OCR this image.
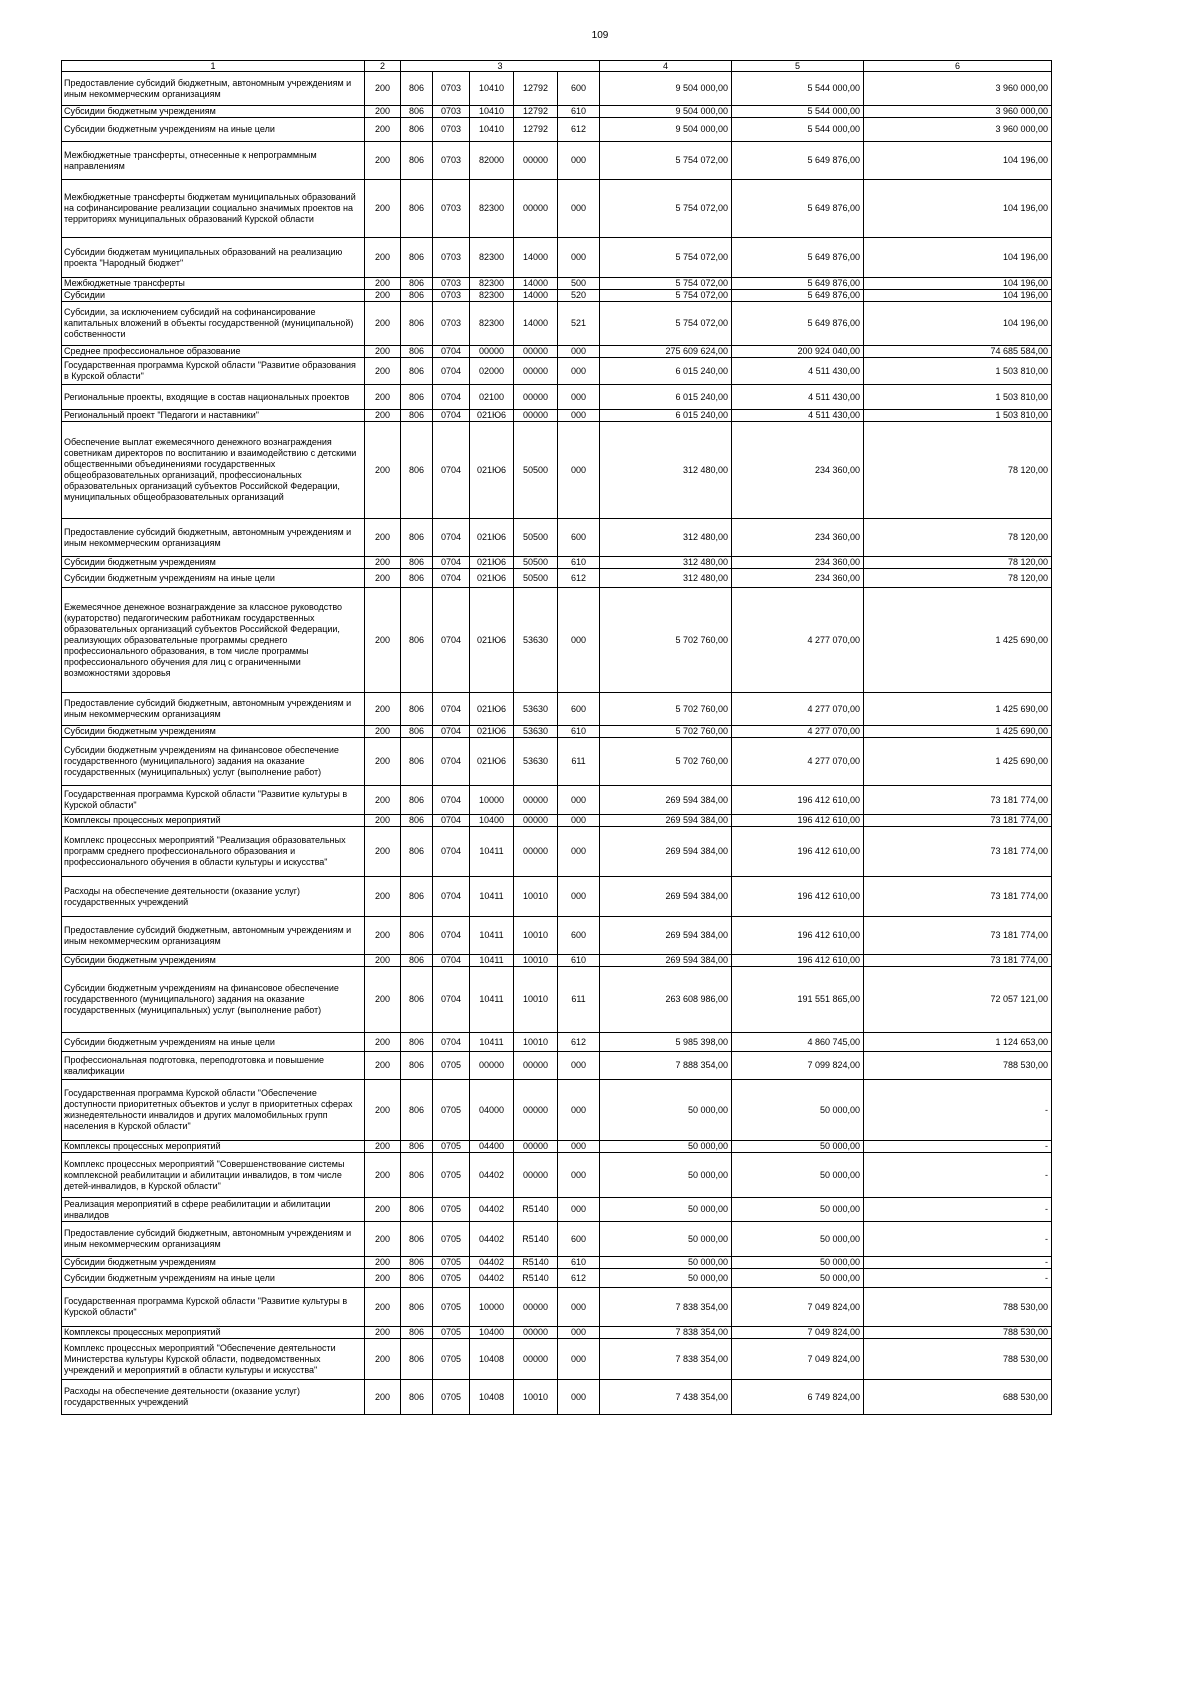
109
1	2	3					4	5	6
Предоставление субсидий бюджетным, автономным учреждениям и иным некоммерческим организациям	200	806	0703	10410	12792	600	9 504 000,00	5 544 000,00	3 960 000,00
Субсидии бюджетным учреждениям	200	806	0703	10410	12792	610	9 504 000,00	5 544 000,00	3 960 000,00
Субсидии бюджетным учреждениям на иные цели	200	806	0703	10410	12792	612	9 504 000,00	5 544 000,00	3 960 000,00
Межбюджетные трансферты, отнесенные к непрограммным направлениям	200	806	0703	82000	00000	000	5 754 072,00	5 649 876,00	104 196,00
Межбюджетные трансферты бюджетам муниципальных образований на софинансирование реализации социально значимых проектов на территориях муниципальных образований Курской области	200	806	0703	82300	00000	000	5 754 072,00	5 649 876,00	104 196,00
Субсидии бюджетам муниципальных образований на реализацию проекта "Народный бюджет"	200	806	0703	82300	14000	000	5 754 072,00	5 649 876,00	104 196,00
Межбюджетные трансферты	200	806	0703	82300	14000	500	5 754 072,00	5 649 876,00	104 196,00
Субсидии	200	806	0703	82300	14000	520	5 754 072,00	5 649 876,00	104 196,00
Субсидии, за исключением субсидий на софинансирование капитальных вложений в объекты государственной (муниципальной) собственности	200	806	0703	82300	14000	521	5 754 072,00	5 649 876,00	104 196,00
Среднее профессиональное образование	200	806	0704	00000	00000	000	275 609 624,00	200 924 040,00	74 685 584,00
Государственная программа Курской области "Развитие образования в Курской области"	200	806	0704	02000	00000	000	6 015 240,00	4 511 430,00	1 503 810,00
Региональные проекты, входящие в состав национальных проектов	200	806	0704	02100	00000	000	6 015 240,00	4 511 430,00	1 503 810,00
Региональный проект "Педагоги и наставники"	200	806	0704	021Ю6	00000	000	6 015 240,00	4 511 430,00	1 503 810,00
Обеспечение выплат ежемесячного денежного вознаграждения советникам директоров по воспитанию и взаимодействию с детскими общественными объединениями государственных общеобразовательных организаций, профессиональных образовательных организаций субъектов Российской Федерации, муниципальных общеобразовательных организаций	200	806	0704	021Ю6	50500	000	312 480,00	234 360,00	78 120,00
Предоставление субсидий бюджетным, автономным учреждениям и иным некоммерческим организациям	200	806	0704	021Ю6	50500	600	312 480,00	234 360,00	78 120,00
Субсидии бюджетным учреждениям	200	806	0704	021Ю6	50500	610	312 480,00	234 360,00	78 120,00
Субсидии бюджетным учреждениям на иные цели	200	806	0704	021Ю6	50500	612	312 480,00	234 360,00	78 120,00
Ежемесячное денежное вознаграждение за классное руководство (кураторство) педагогическим работникам государственных образовательных организаций субъектов Российской Федерации, реализующих образовательные программы среднего профессионального образования, в том числе программы профессионального обучения для лиц с ограниченными возможностями здоровья	200	806	0704	021Ю6	53630	000	5 702 760,00	4 277 070,00	1 425 690,00
Предоставление субсидий бюджетным, автономным учреждениям и иным некоммерческим организациям	200	806	0704	021Ю6	53630	600	5 702 760,00	4 277 070,00	1 425 690,00
Субсидии бюджетным учреждениям	200	806	0704	021Ю6	53630	610	5 702 760,00	4 277 070,00	1 425 690,00
Субсидии бюджетным учреждениям на финансовое обеспечение государственного (муниципального) задания на оказание государственных (муниципальных) услуг (выполнение работ)	200	806	0704	021Ю6	53630	611	5 702 760,00	4 277 070,00	1 425 690,00
Государственная программа Курской области "Развитие культуры в Курской области"	200	806	0704	10000	00000	000	269 594 384,00	196 412 610,00	73 181 774,00
Комплексы процессных мероприятий	200	806	0704	10400	00000	000	269 594 384,00	196 412 610,00	73 181 774,00
Комплекс процессных мероприятий "Реализация образовательных программ среднего профессионального образования и профессионального обучения в области культуры и искусства"	200	806	0704	10411	00000	000	269 594 384,00	196 412 610,00	73 181 774,00
Расходы на обеспечение деятельности (оказание услуг) государственных учреждений	200	806	0704	10411	10010	000	269 594 384,00	196 412 610,00	73 181 774,00
Предоставление субсидий бюджетным, автономным учреждениям и иным некоммерческим организациям	200	806	0704	10411	10010	600	269 594 384,00	196 412 610,00	73 181 774,00
Субсидии бюджетным учреждениям	200	806	0704	10411	10010	610	269 594 384,00	196 412 610,00	73 181 774,00
Субсидии бюджетным учреждениям на финансовое обеспечение государственного (муниципального) задания на оказание государственных (муниципальных) услуг (выполнение работ)	200	806	0704	10411	10010	611	263 608 986,00	191 551 865,00	72 057 121,00
Субсидии бюджетным учреждениям на иные цели	200	806	0704	10411	10010	612	5 985 398,00	4 860 745,00	1 124 653,00
Профессиональная подготовка, переподготовка и повышение квалификации	200	806	0705	00000	00000	000	7 888 354,00	7 099 824,00	788 530,00
Государственная программа Курской области "Обеспечение доступности приоритетных объектов и услуг в приоритетных сферах жизнедеятельности инвалидов и других маломобильных групп населения в Курской области"	200	806	0705	04000	00000	000	50 000,00	50 000,00	-
Комплексы процессных мероприятий	200	806	0705	04400	00000	000	50 000,00	50 000,00	-
Комплекс процессных мероприятий "Совершенствование системы комплексной реабилитации и абилитации инвалидов, в том числе детей-инвалидов, в Курской области"	200	806	0705	04402	00000	000	50 000,00	50 000,00	-
Реализация мероприятий в сфере реабилитации и абилитации инвалидов	200	806	0705	04402	R5140	000	50 000,00	50 000,00	-
Предоставление субсидий бюджетным, автономным учреждениям и иным некоммерческим организациям	200	806	0705	04402	R5140	600	50 000,00	50 000,00	-
Субсидии бюджетным учреждениям	200	806	0705	04402	R5140	610	50 000,00	50 000,00	-
Субсидии бюджетным учреждениям на иные цели	200	806	0705	04402	R5140	612	50 000,00	50 000,00	-
Государственная программа Курской области "Развитие культуры в Курской области"	200	806	0705	10000	00000	000	7 838 354,00	7 049 824,00	788 530,00
Комплексы процессных мероприятий	200	806	0705	10400	00000	000	7 838 354,00	7 049 824,00	788 530,00
Комплекс процессных мероприятий "Обеспечение деятельности Министерства культуры Курской области, подведомственных учреждений и мероприятий в области культуры и искусства"	200	806	0705	10408	00000	000	7 838 354,00	7 049 824,00	788 530,00
Расходы на обеспечение деятельности (оказание услуг) государственных учреждений	200	806	0705	10408	10010	000	7 438 354,00	6 749 824,00	688 530,00
